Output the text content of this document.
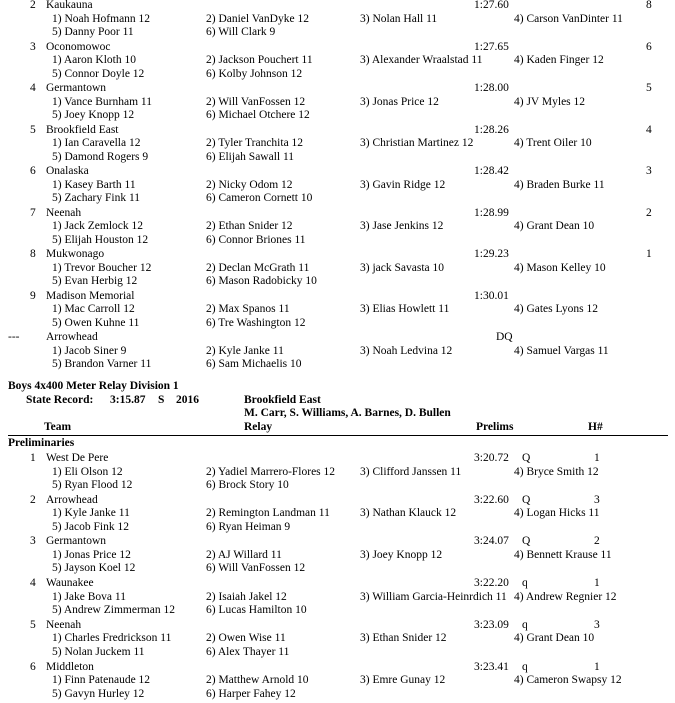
2 Kaukauna	1:27.60	8
1) Noah Hofmann 12	2) Daniel VanDyke 12	3) Nolan Hall 11	4) Carson VanDinter 11
5) Danny Poor 11	6) Will Clark 9
3 Oconomowoc	1:27.65	6
1) Aaron Kloth 10	2) Jackson Pouchert 11	3) Alexander Wraalstad 11	4) Kaden Finger 12
5) Connor Doyle 12	6) Kolby Johnson 12
4 Germantown	1:28.00	5
1) Vance Burnham 11	2) Will VanFossen 12	3) Jonas Price 12	4) JV Myles 12
5) Joey Knopp 12	6) Michael Otchere 12
5 Brookfield East	1:28.26	4
1) Ian Caravella 12	2) Tyler Tranchita 12	3) Christian Martinez 12	4) Trent Oiler 10
5) Damond Rogers 9	6) Elijah Sawall 11
6 Onalaska	1:28.42	3
1) Kasey Barth 11	2) Nicky Odom 12	3) Gavin Ridge 12	4) Braden Burke 11
5) Zachary Fink 11	6) Cameron Cornett 10
7 Neenah	1:28.99	2
1) Jack Zemlock 12	2) Ethan Snider 12	3) Jase Jenkins 12	4) Grant Dean 10
5) Elijah Houston 12	6) Connor Briones 11
8 Mukwonago	1:29.23	1
1) Trevor Boucher 12	2) Declan McGrath 11	3) jack Savasta 10	4) Mason Kelley 10
5) Evan Herbig 12	6) Mason Radobicky 10
9 Madison Memorial	1:30.01
1) Mac Carroll 12	2) Max Spanos 11	3) Elias Howlett 11	4) Gates Lyons 12
5) Owen Kuhne 11	6) Tre Washington 12
--- Arrowhead	DQ
1) Jacob Siner 9	2) Kyle Janke 11	3) Noah Ledvina 12	4) Samuel Vargas 11
5) Brandon Varner 11	6) Sam Michaelis 10
Boys 4x400 Meter Relay Division 1
State Record: 3:15.87 S 2016	Brookfield East
M. Carr, S. Williams, A. Barnes, D. Bullen
Team	Relay	Prelims	H#
Preliminaries
1 West De Pere	3:20.72 Q	1
1) Eli Olson 12	2) Yadiel Marrero-Flores 12 3) Clifford Janssen 11	4) Bryce Smith 12
5) Ryan Flood 12	6) Brock Story 10
2 Arrowhead	3:22.60 Q	3
1) Kyle Janke 11	2) Remington Landman 11	3) Nathan Klauck 12	4) Logan Hicks 11
5) Jacob Fink 12	6) Ryan Heiman 9
3 Germantown	3:24.07 Q	2
1) Jonas Price 12	2) AJ Willard 11	3) Joey Knopp 12	4) Bennett Krause 11
5) Jayson Koel 12	6) Will VanFossen 12
4 Waunakee	3:22.20 q	1
1) Jake Bova 11	2) Isaiah Jakel 12	3) William Garcia-Heinrdich 11 4) Andrew Regnier 12
5) Andrew Zimmerman 12	6) Lucas Hamilton 10
5 Neenah	3:23.09 q	3
1) Charles Fredrickson 11	2) Owen Wise 11	3) Ethan Snider 12	4) Grant Dean 10
5) Nolan Juckem 11	6) Alex Thayer 11
6 Middleton	3:23.41 q	1
1) Finn Patenaude 12	2) Matthew Arnold 10	3) Emre Gunay 12	4) Cameron Swapsy 12
5) Gavyn Hurley 12	6) Harper Fahey 12
